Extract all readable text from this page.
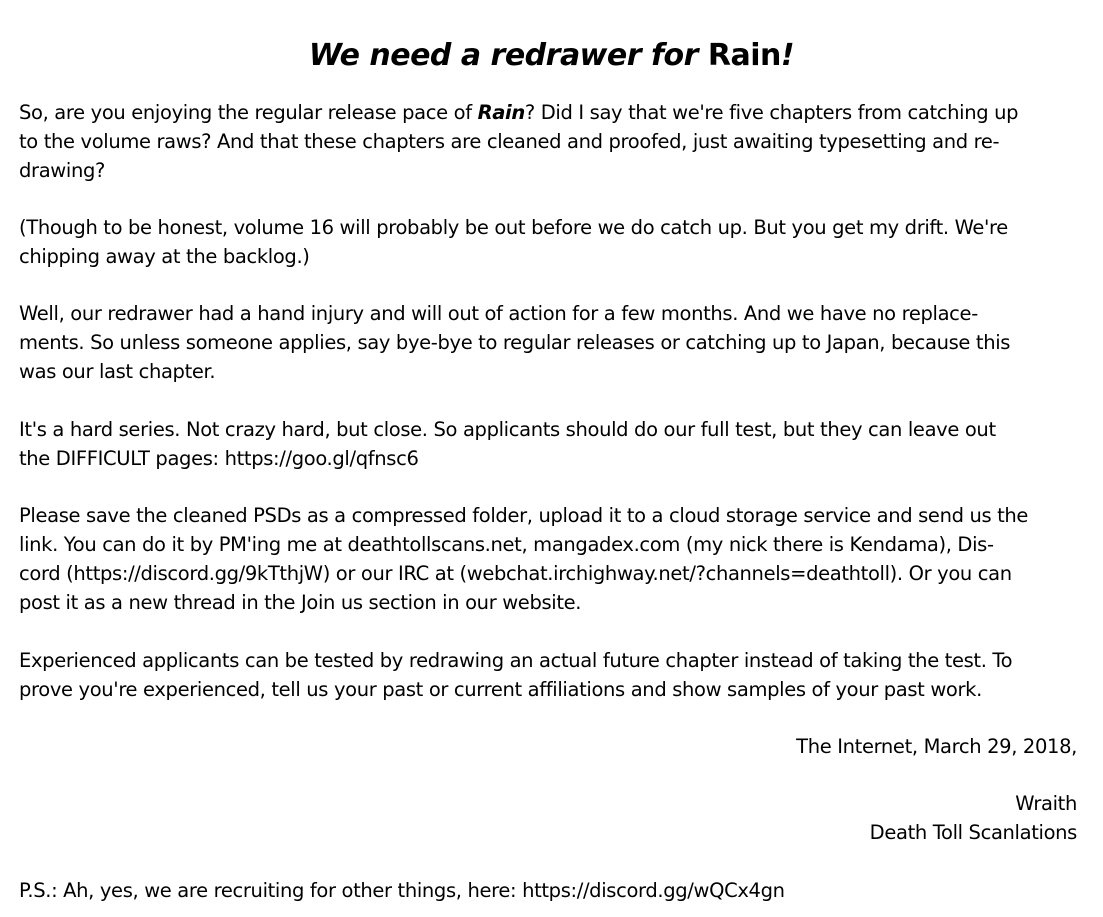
We need a redrawer for Rain!

So, are you enjoying the regular release pace of Rain? Did I say that we're five chapters from catching up
to the volume raws? And that these chapters are cleaned and proofed, just awaiting typesetting and re-
drawing?

(Though to be honest, volume 16 will probably be out before we do catch up. But you get my drift. We're
chipping away at the backlog.)

Well, our redrawer had a hand injury and will out of action for a few months. And we have no replace-
ments. So unless someone applies, say bye-bye to regular releases or catching up to Japan, because this
was our last chapter.

It's a hard series. Not crazy hard, but close. So applicants should do our full test, but they can leave out
the DIFFICULT pages: https://goo.gl/qfnsc6

Please save the cleaned PSDs as a compressed folder, upload it to a cloud storage service and send us the
link. You can do it by PM'ing me at deathtollscans.net, mangadex.com (my nick there is Kendama), Dis-
cord (https://discord.gg/9kTthjW) or our IRC at (webchat.irchighway.net/?channels=deathtoll). Or you can
post it as a new thread in the Join us section in our website.

Experienced applicants can be tested by redrawing an actual future chapter instead of taking the test. To
prove you're experienced, tell us your past or current affiliations and show samples of your past work.

The Internet, March 29, 2018,
Wraith
Death Toll Scanlations

P.S.: Ah, yes, we are recruiting for other things, here: https://discord.gg/wQCx4gn
